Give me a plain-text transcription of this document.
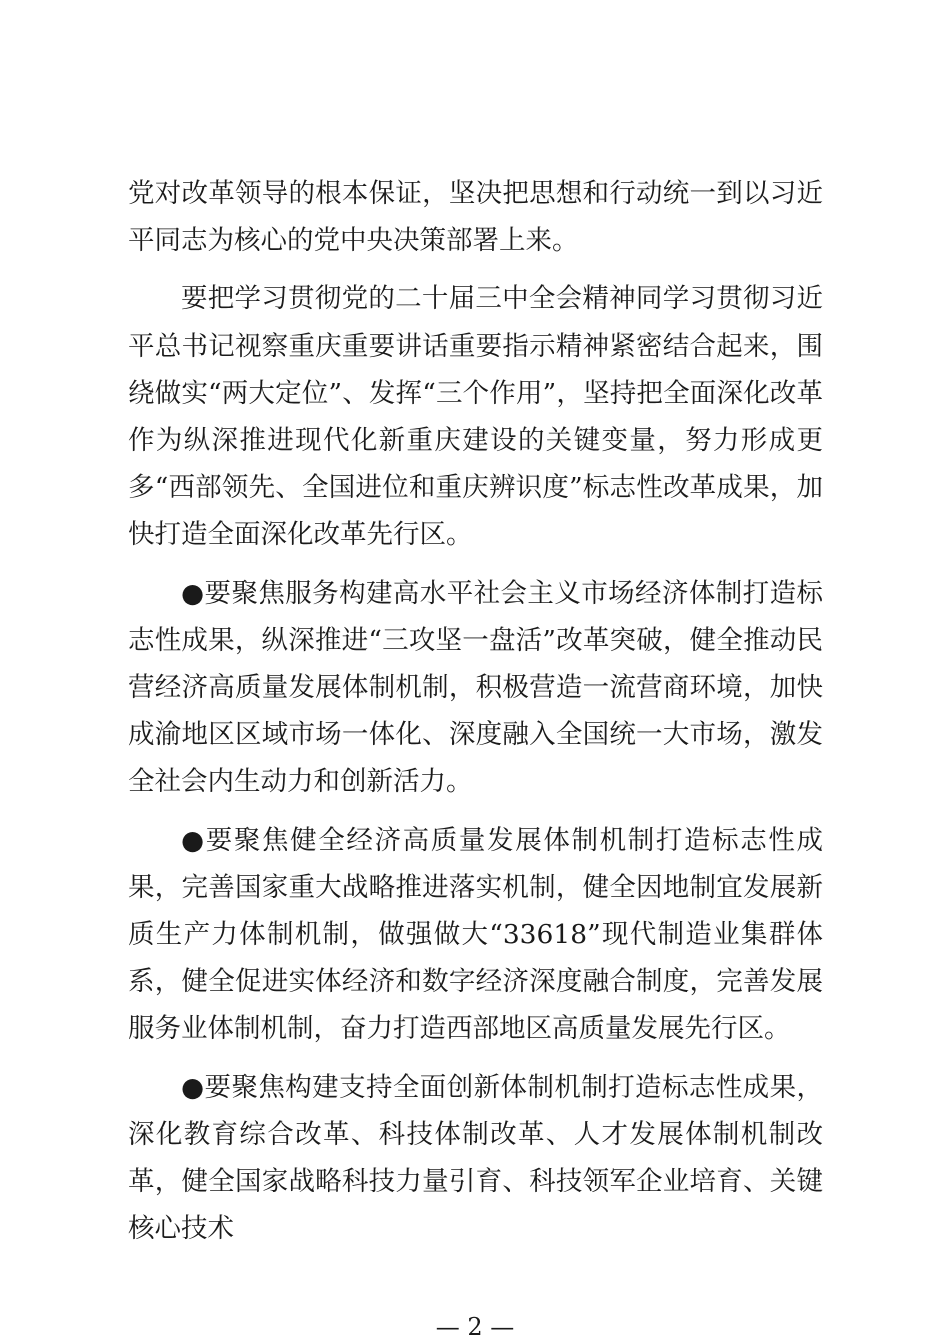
党对改革领导的根本保证，坚决把思想和行动统一到以习近平同志为核心的党中央决策部署上来。

要把学习贯彻党的二十届三中全会精神同学习贯彻习近平总书记视察重庆重要讲话重要指示精神紧密结合起来，围绕做实“两大定位”、发挥“三个作用”，坚持把全面深化改革作为纵深推进现代化新重庆建设的关键变量，努力形成更多“西部领先、全国进位和重庆辨识度”标志性改革成果，加快打造全面深化改革先行区。

●要聚焦服务构建高水平社会主义市场经济体制打造标志性成果，纵深推进“三攻坚一盘活”改革突破，健全推动民营经济高质量发展体制机制，积极营造一流营商环境，加快成渝地区区域市场一体化、深度融入全国统一大市场，激发全社会内生动力和创新活力。

●要聚焦健全经济高质量发展体制机制打造标志性成果，完善国家重大战略推进落实机制，健全因地制宜发展新质生产力体制机制，做强做大“33618”现代制造业集群体系，健全促进实体经济和数字经济深度融合制度，完善发展服务业体制机制，奋力打造西部地区高质量发展先行区。

●要聚焦构建支持全面创新体制机制打造标志性成果，深化教育综合改革、科技体制改革、人才发展体制机制改革，健全国家战略科技力量引育、科技领军企业培育、关键核心技术

— 2 —
